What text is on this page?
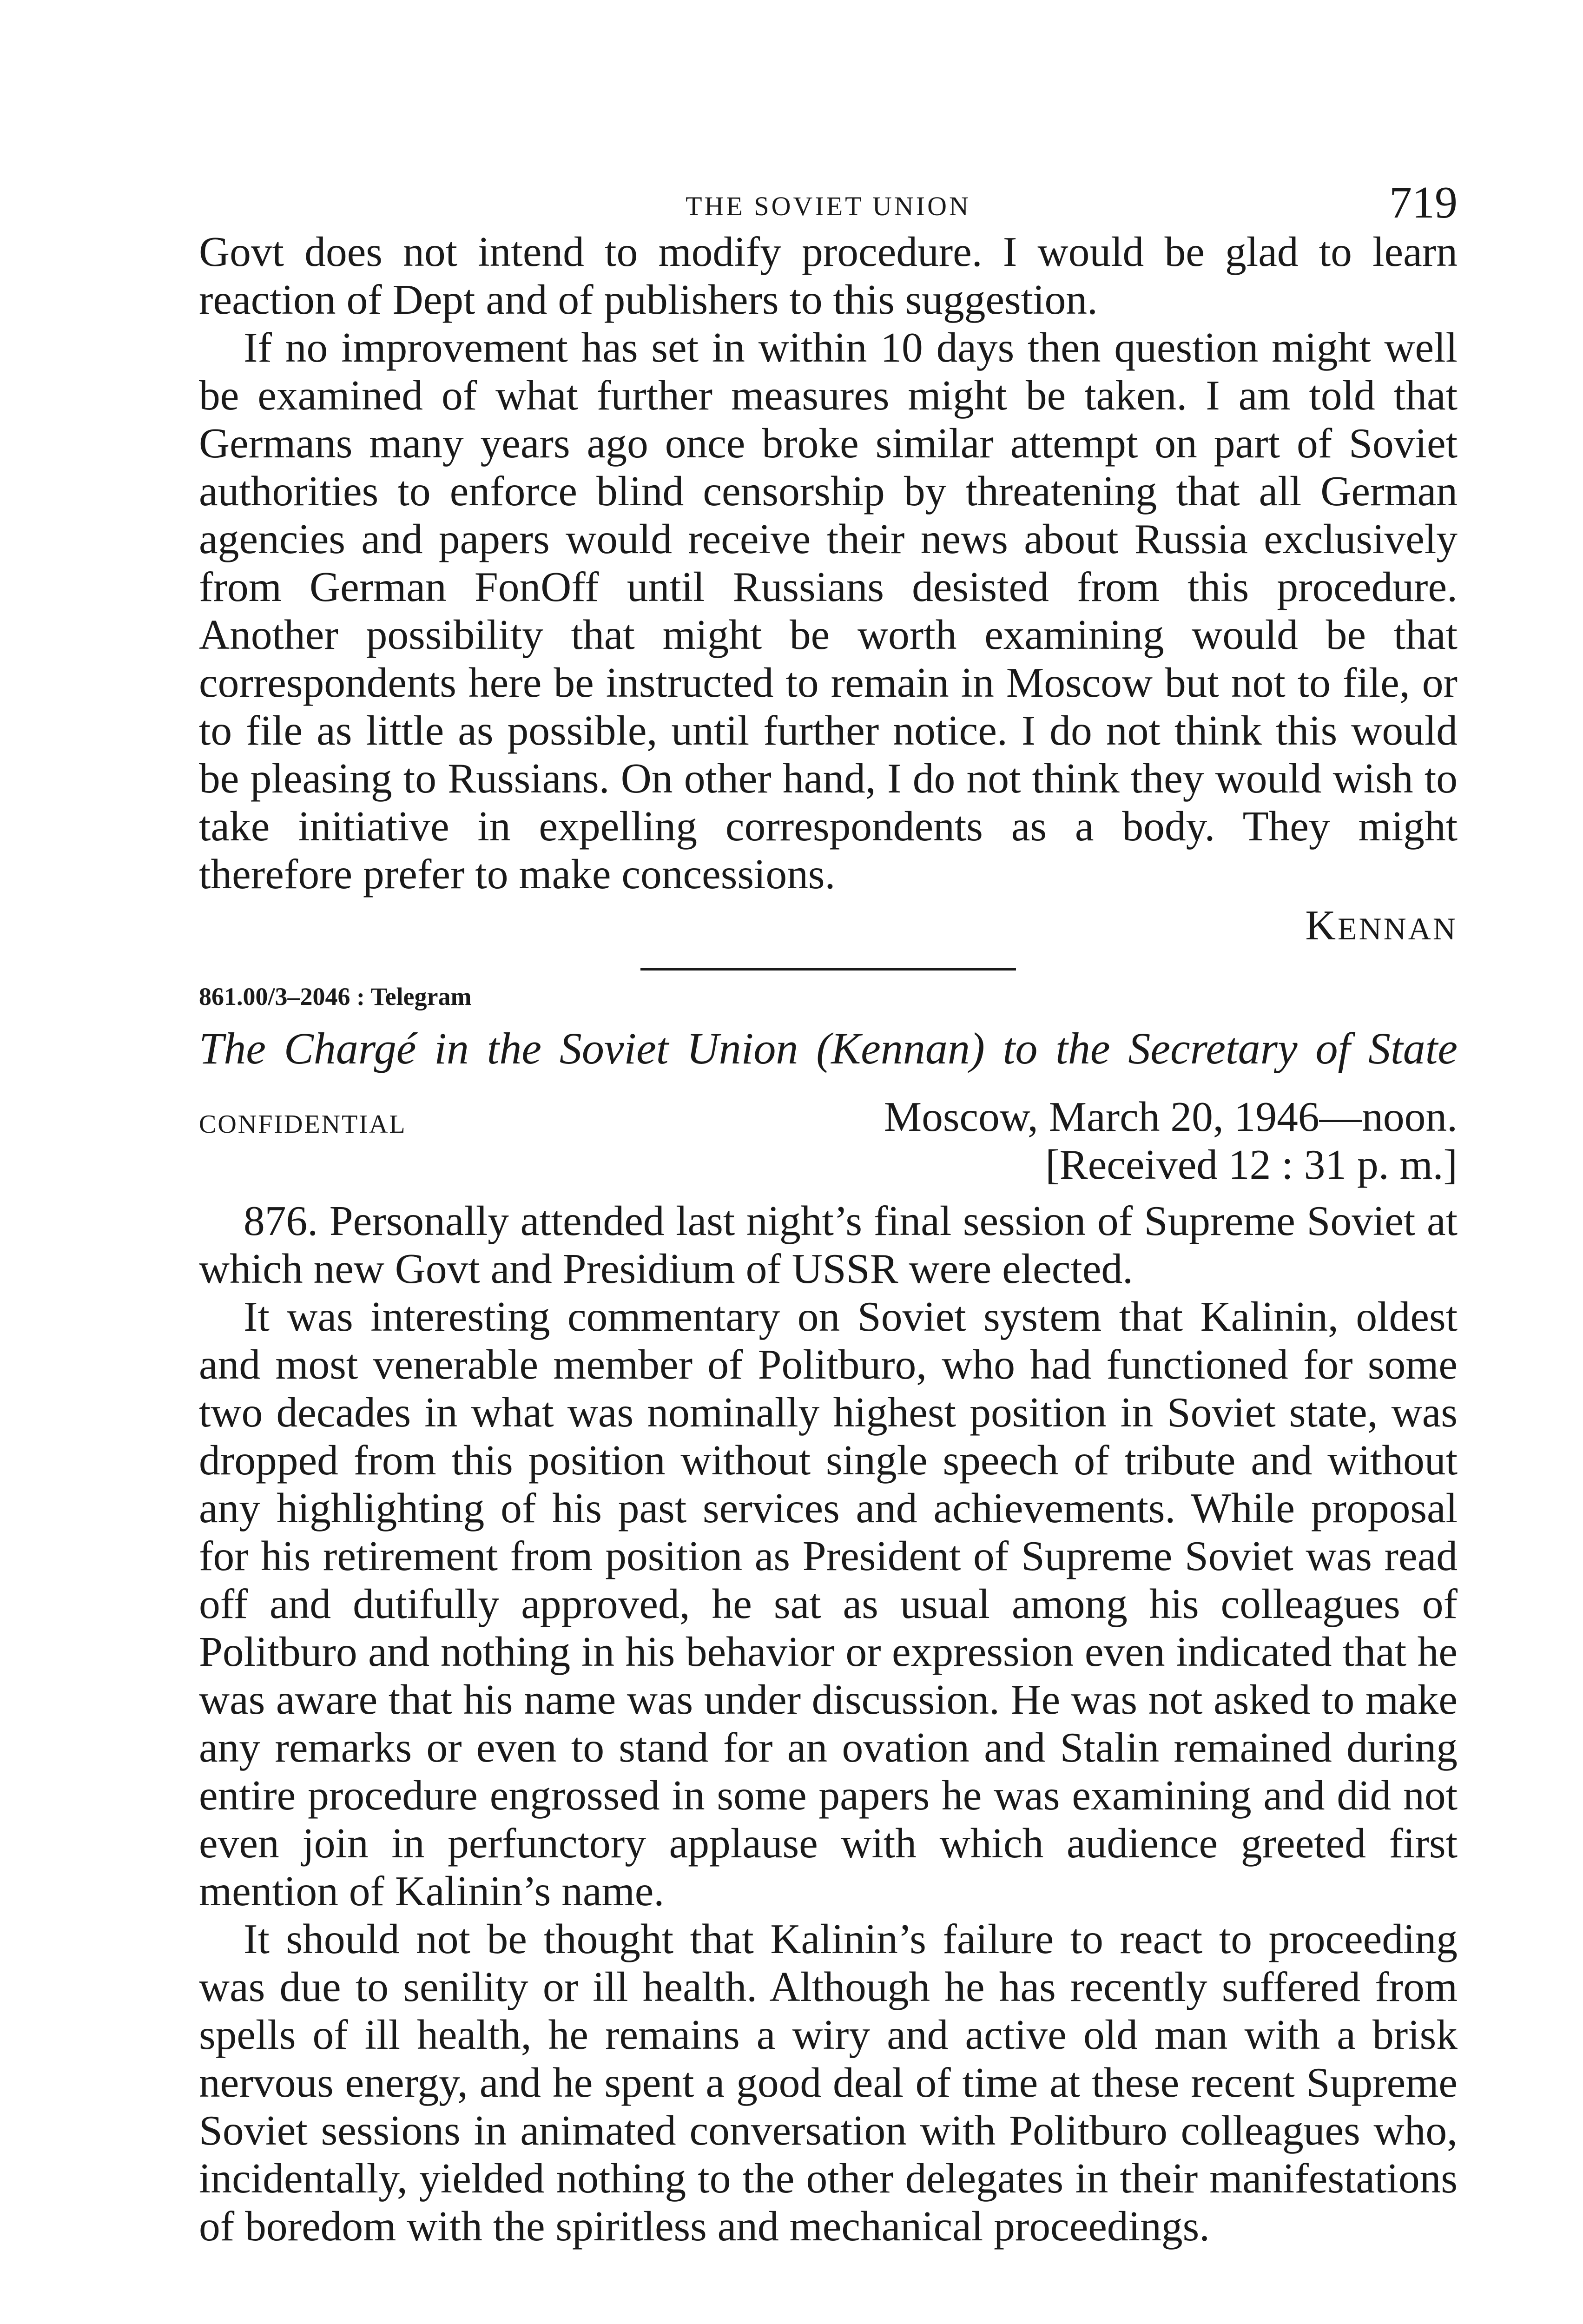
THE SOVIET UNION	719

Govt does not intend to modify procedure. I would be glad to learn reaction of Dept and of publishers to this suggestion.

If no improvement has set in within 10 days then question might well be examined of what further measures might be taken. I am told that Germans many years ago once broke similar attempt on part of Soviet authorities to enforce blind censorship by threatening that all German agencies and papers would receive their news about Russia exclusively from German FonOff until Russians desisted from this procedure. Another possibility that might be worth examining would be that correspondents here be instructed to remain in Moscow but not to file, or to file as little as possible, until further notice. I do not think this would be pleasing to Russians. On other hand, I do not think they would wish to take initiative in expelling correspondents as a body. They might therefore prefer to make concessions.

KENNAN
861.00/3–2046 : Telegram
The Chargé in the Soviet Union (Kennan) to the Secretary of State
CONFIDENTIAL	Moscow, March 20, 1946—noon.
[Received 12 : 31 p. m.]

876. Personally attended last night’s final session of Supreme Soviet at which new Govt and Presidium of USSR were elected.

It was interesting commentary on Soviet system that Kalinin, oldest and most venerable member of Politburo, who had functioned for some two decades in what was nominally highest position in Soviet state, was dropped from this position without single speech of tribute and without any highlighting of his past services and achievements. While proposal for his retirement from position as President of Supreme Soviet was read off and dutifully approved, he sat as usual among his colleagues of Politburo and nothing in his behavior or expression even indicated that he was aware that his name was under discussion. He was not asked to make any remarks or even to stand for an ovation and Stalin remained during entire procedure engrossed in some papers he was examining and did not even join in perfunctory applause with which audience greeted first mention of Kalinin’s name.

It should not be thought that Kalinin’s failure to react to proceeding was due to senility or ill health. Although he has recently suffered from spells of ill health, he remains a wiry and active old man with a brisk nervous energy, and he spent a good deal of time at these recent Supreme Soviet sessions in animated conversation with Politburo colleagues who, incidentally, yielded nothing to the other delegates in their manifestations of boredom with the spiritless and mechanical proceedings.
